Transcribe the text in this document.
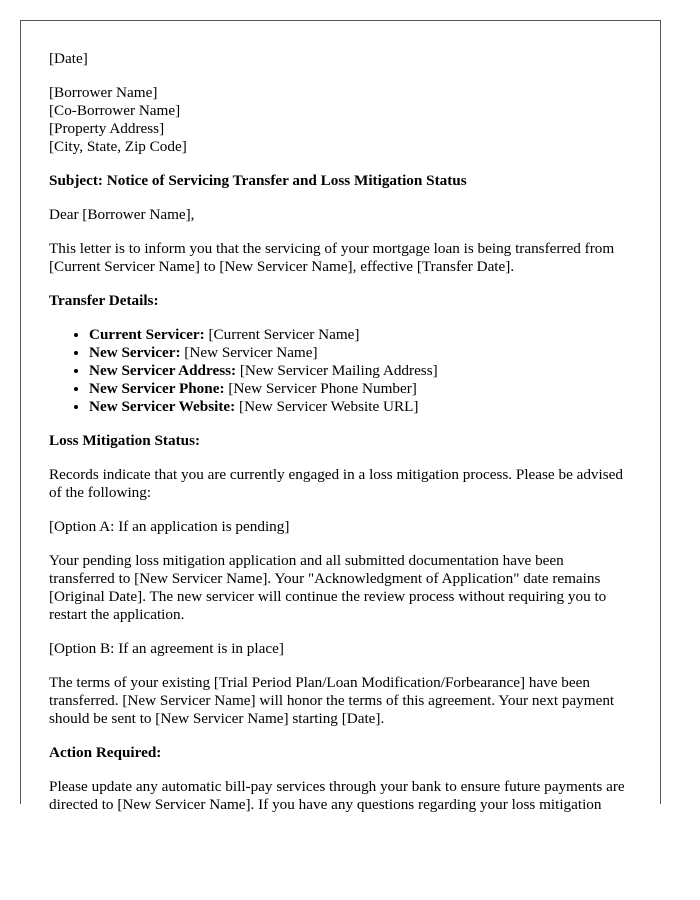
[Date]

[Borrower Name]
[Co-Borrower Name]
[Property Address]
[City, State, Zip Code]

Subject: Notice of Servicing Transfer and Loss Mitigation Status

Dear [Borrower Name],

This letter is to inform you that the servicing of your mortgage loan is being transferred from [Current Servicer Name] to [New Servicer Name], effective [Transfer Date].

Transfer Details:

• Current Servicer: [Current Servicer Name]
• New Servicer: [New Servicer Name]
• New Servicer Address: [New Servicer Mailing Address]
• New Servicer Phone: [New Servicer Phone Number]
• New Servicer Website: [New Servicer Website URL]

Loss Mitigation Status:

Records indicate that you are currently engaged in a loss mitigation process. Please be advised of the following:

[Option A: If an application is pending]

Your pending loss mitigation application and all submitted documentation have been transferred to [New Servicer Name]. Your "Acknowledgment of Application" date remains [Original Date]. The new servicer will continue the review process without requiring you to restart the application.

[Option B: If an agreement is in place]

The terms of your existing [Trial Period Plan/Loan Modification/Forbearance] have been transferred. [New Servicer Name] will honor the terms of this agreement. Your next payment should be sent to [New Servicer Name] starting [Date].

Action Required:

Please update any automatic bill-pay services through your bank to ensure future payments are directed to [New Servicer Name]. If you have any questions regarding your loss mitigation
